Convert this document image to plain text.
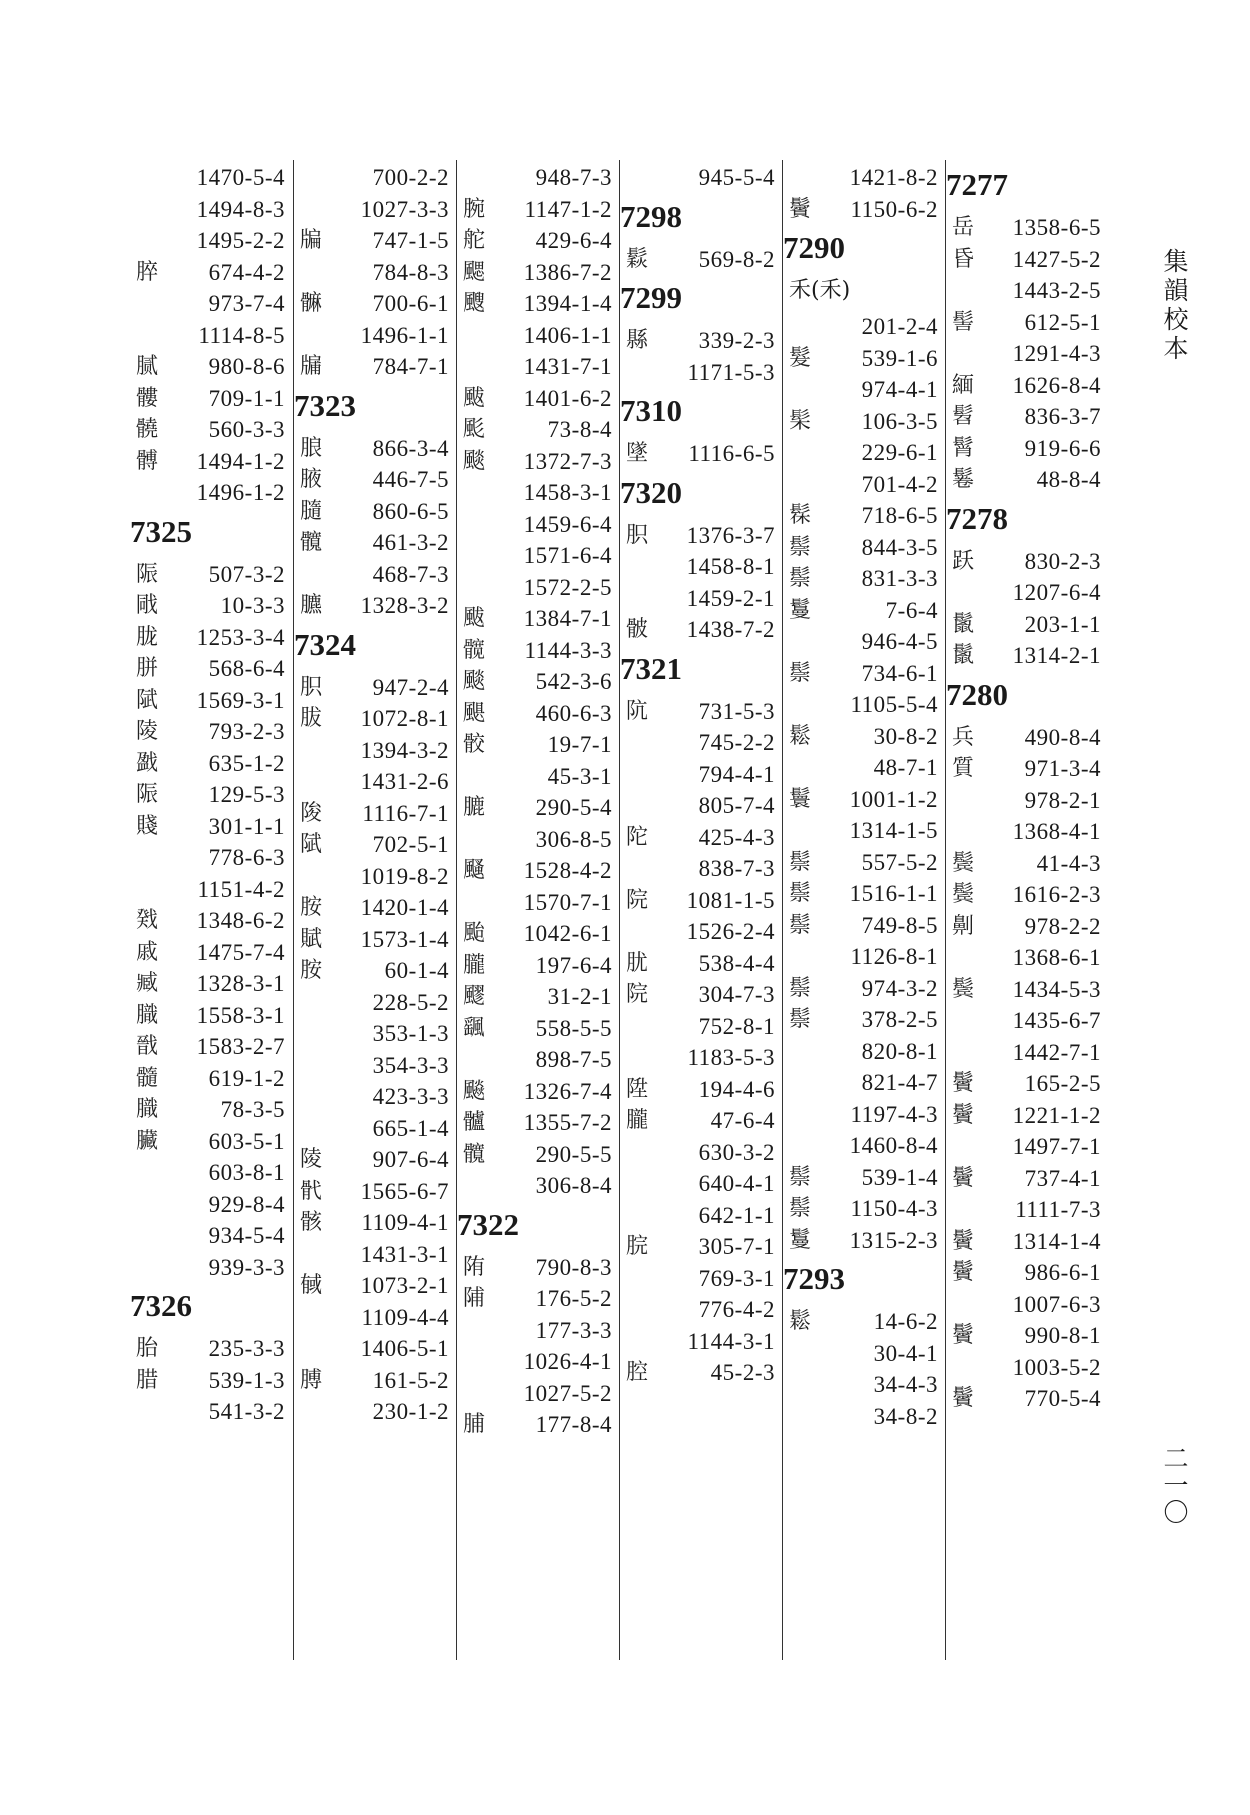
集韻校本
二一〇
1470-5-4
1494-8-3
1495-2-2
脺	674-4-2
973-7-4
1114-8-5
腻	980-8-6
髏	709-1-1
髐	560-3-3
髆	1494-1-2
1496-1-2
7325
陙	507-3-2
戙	10-3-3
胧	1253-3-4
胼	568-6-4
陚	1569-3-1
陵	793-2-3
戤	635-1-2
陙	129-5-3
賤	301-1-1
778-6-3
1151-4-2
戣	1348-6-2
戚	1475-7-4
臧	1328-3-1
膱	1558-3-1
戩	1583-2-7
髓	619-1-2
膱	78-3-5
臟	603-5-1
603-8-1
929-8-4
934-5-4
939-3-3
7326
胎	235-3-3
腊	539-1-3
541-3-2
700-2-2
1027-3-3
牑	747-1-5
784-8-3
髍	700-6-1
1496-1-1
牖	784-7-1
7323
朖	866-3-4
腋	446-7-5
膸	860-6-5
髖	461-3-2
468-7-3
臕	1328-3-2
7324
胑	947-2-4
胈	1072-8-1
1394-3-2
1431-2-6
陖	1116-7-1
陚	702-5-1
1019-8-2
胺	1420-1-4
賦	1573-1-4
胺	60-1-4
228-5-2
353-1-3
354-3-3
423-3-3
665-1-4
陵	907-6-4
骮	1565-6-7
骸	1109-4-1
1431-3-1
戫	1073-2-1
1109-4-4
1406-5-1
膊	161-5-2
230-1-2
948-7-3
腕	1147-1-2
舵	429-6-4
颸	1386-7-2
颼	1394-1-4
1406-1-1
1431-7-1
颰	1401-6-2
颩	73-8-4
颷	1372-7-3
1458-3-1
1459-6-4
1571-6-4
1572-2-5
颰	1384-7-1
髋	1144-3-3
颷	542-3-6
颶	460-6-3
骹	19-7-1
45-3-1
膔	290-5-4
306-8-5
颾	1528-4-2
1570-7-1
颱	1042-6-1
朧	197-6-4
飂	31-2-1
颻	558-5-5
898-7-5
飈	1326-7-4
髗	1355-7-2
髖	290-5-5
306-8-4
7322
陏	790-8-3
陠	176-5-2
177-3-3
1026-4-1
1027-5-2
脯	177-8-4
945-5-4
7298
鬏	569-8-2
7299
縣	339-2-3
1171-5-3
7310
墜	1116-6-5
7320
胑	1376-3-7
1458-8-1
1459-2-1
骳	1438-7-2
7321
阬	731-5-3
745-2-2
794-4-1
805-7-4
陀	425-4-3
838-7-3
院	1081-1-5
1526-2-4
肬	538-4-4
院	304-7-3
752-8-1
1183-5-3
陞	194-4-6
朧	47-6-4
630-3-2
640-4-1
642-1-1
脘	305-7-1
769-3-1
776-4-2
1144-3-1
腔	45-2-3
1421-8-2
鬢	1150-6-2
7290
禾(禾)
201-2-4
髮	539-1-6
974-4-1
髤	106-3-5
229-6-1
701-4-2
髹	718-6-5
鬃	844-3-5
鬃	831-3-3
鬘	7-6-4
946-4-5
鬃	734-6-1
1105-5-4
鬆	30-8-2
48-7-1
鬟	1001-1-2
1314-1-5
鬃	557-5-2
鬃	1516-1-1
鬃	749-8-5
1126-8-1
鬃	974-3-2
鬃	378-2-5
820-8-1
821-4-7
1197-4-3
1460-8-4
鬃	539-1-4
鬃	1150-4-3
鬘	1315-2-3
7293
鬆	14-6-2
30-4-1
34-4-3
34-8-2
7277
岳	1358-6-5
昏	1427-5-2
1443-2-5
髻	612-5-1
1291-4-3
緬	1626-8-4
髫	836-3-7
髾	919-6-6
鬈	48-8-4
7278
跃	830-2-3
1207-6-4
鬛	203-1-1
鬛	1314-2-1
7280
兵	490-8-4
質	971-3-4
978-2-1
1368-4-1
鬓	41-4-3
鬓	1616-2-3
劓	978-2-2
1368-6-1
鬓	1434-5-3
1435-6-7
1442-7-1
鬢	165-2-5
鬢	1221-1-2
1497-7-1
鬢	737-4-1
1111-7-3
鬢	1314-1-4
鬢	986-6-1
1007-6-3
鬢	990-8-1
1003-5-2
鬢	770-5-4
